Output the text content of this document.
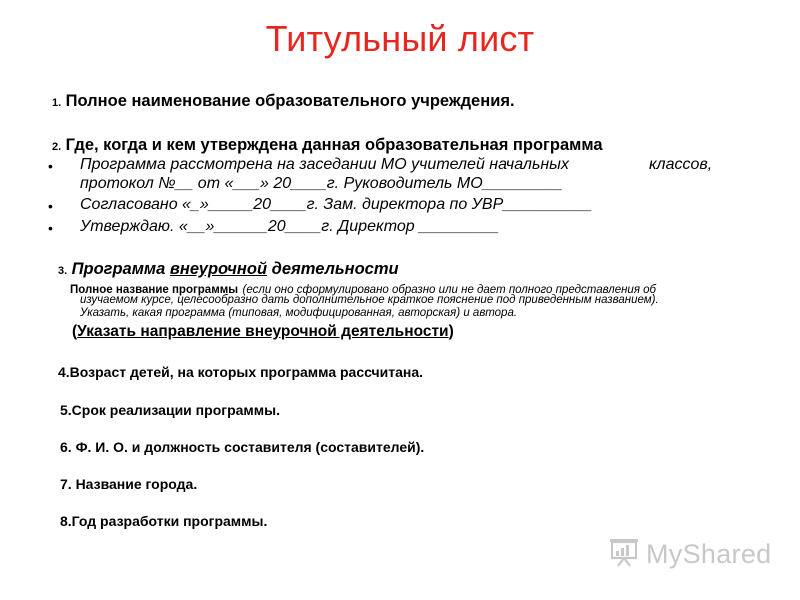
Титульный лист
1. Полное наименование образовательного учреждения.
2. Где, когда и кем утверждена данная образовательная программа
• Программа рассмотрена на заседании МО учителей начальных	классов,
протокол №__ от «___» 20____г. Руководитель МО_________
• Согласовано «_»_____20____г. Зам. директора по УВР__________
• Утверждаю. «__»______20____г. Директор _________
3. Программа внеурочной деятельности
Полное название программы (если оно сформулировано образно или не дает полного представления об
изучаемом курсе, целесообразно дать дополнительное краткое пояснение под приведенным названием).
Указать, какая программа (типовая, модифицированная, авторская) и автора.
(Указать направление внеурочной деятельности)
4.Возраст детей, на которых программа рассчитана.
5.Срок реализации программы.
6. Ф. И. О. и должность составителя (составителей).
7. Название города.
8.Год разработки программы.
MyShared
